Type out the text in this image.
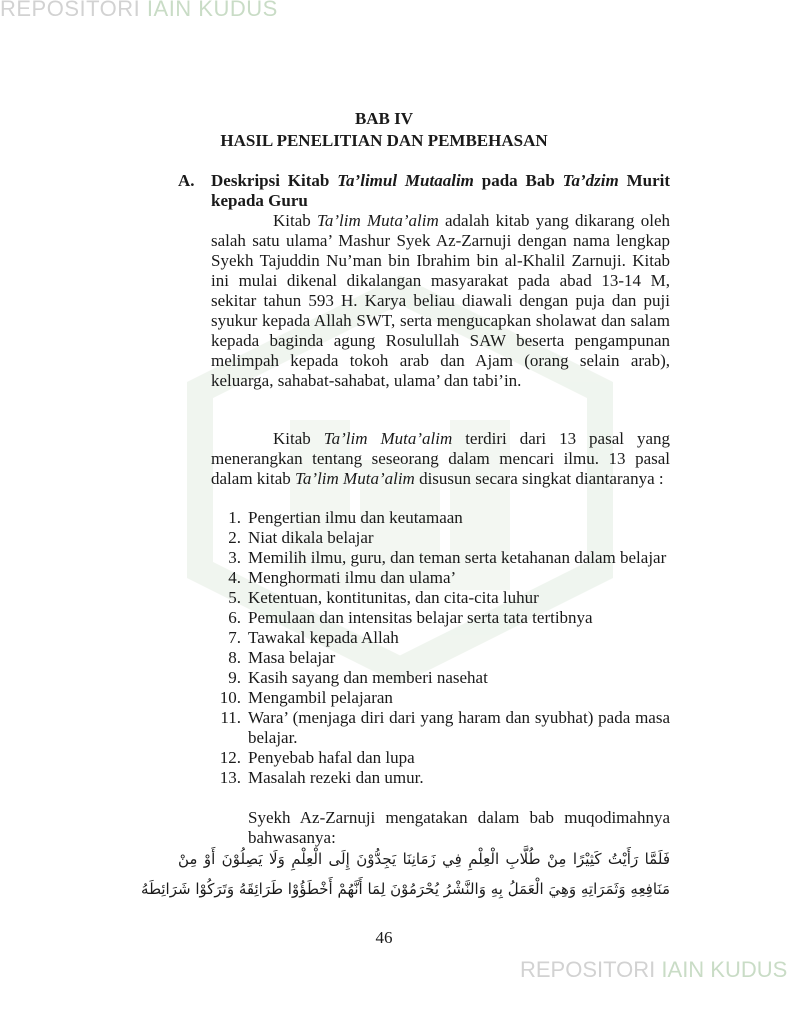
REPOSITORI IAIN KUDUS
BAB IV
HASIL PENELITIAN DAN PEMBEHASAN
A. Deskripsi Kitab Ta’limul Mutaalim pada Bab Ta’dzim Murit kepada Guru
Kitab Ta’lim Muta’alim adalah kitab yang dikarang oleh salah satu ulama’ Mashur Syek Az-Zarnuji dengan nama lengkap Syekh Tajuddin Nu’man bin Ibrahim bin al-Khalil Zarnuji. Kitab ini mulai dikenal dikalangan masyarakat pada abad 13-14 M, sekitar tahun 593 H. Karya beliau diawali dengan puja dan puji syukur kepada Allah SWT, serta mengucapkan sholawat dan salam kepada baginda agung Rosulullah SAW beserta pengampunan melimpah kepada tokoh arab dan Ajam (orang selain arab), keluarga, sahabat-sahabat, ulama’ dan tabi’in.
Kitab Ta’lim Muta’alim terdiri dari 13 pasal yang menerangkan tentang seseorang dalam mencari ilmu. 13 pasal dalam kitab Ta’lim Muta’alim disusun secara singkat diantaranya :
1. Pengertian ilmu dan keutamaan
2. Niat dikala belajar
3. Memilih ilmu, guru, dan teman serta ketahanan dalam belajar
4. Menghormati ilmu dan ulama’
5. Ketentuan, kontitunitas, dan cita-cita luhur
6. Pemulaan dan intensitas belajar serta tata tertibnya
7. Tawakal kepada Allah
8. Masa belajar
9. Kasih sayang dan memberi nasehat
10. Mengambil pelajaran
11. Wara’ (menjaga diri dari yang haram dan syubhat) pada masa belajar.
12. Penyebab hafal dan lupa
13. Masalah rezeki dan umur.
Syekh Az-Zarnuji mengatakan dalam bab muqodimahnya bahwasanya:
فَلَمَّا رَأَيْتُ كَثِيْرًا مِنْ طُلَّابِ الْعِلْمِ فِي زَمَانِنَا يَجِدُّوْنَ إِلَى الْعِلْمِ وَلَا يَصِلُوْنَ أَوْ مِنْ
مَنَافِعِهِ وَثَمَرَاتِهِ وَهِيَ الْعَمَلُ بِهِ وَالنَّشْرُ يُحْرَمُوْنَ لِمَا أَنَّهُمْ أَخْطَؤُوْا طَرَائِقَهُ وَتَرَكُوْا شَرَائِطَهُ
46
REPOSITORI IAIN KUDUS
